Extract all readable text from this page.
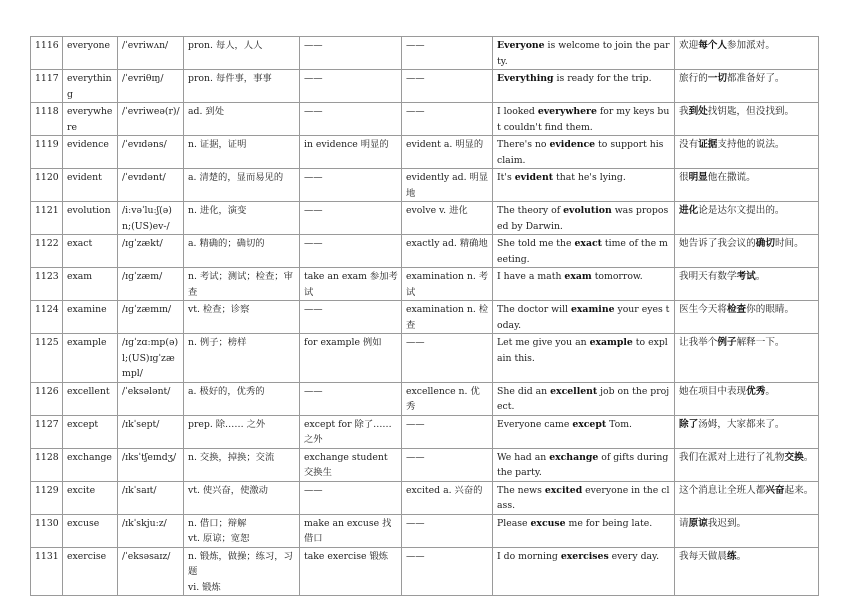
1116	everyone	/ˈevriwʌn/	pron. 每人，人人	——	——	Everyone is welcome to join the party.	欢迎每个人参加派对。
1117	everything	/ˈevriθɪŋ/	pron. 每件事，事事	——	——	Everything is ready for the trip.	旅行的一切都准备好了。
1118	everywhere	/ˈevriweə(r)/	ad. 到处	——	——	I looked everywhere for my keys but couldn't find them.	我到处找钥匙，但没找到。
1119	evidence	/ˈevɪdəns/	n. 证据，证明	in evidence 明显的	evident a. 明显的	There's no evidence to support his claim.	没有证据支持他的说法。
1120	evident	/ˈevɪdənt/	a. 清楚的，显而易见的	——	evidently ad. 明显地	It's evident that he's lying.	很明显他在撒谎。
1121	evolution	/iːvəˈluːʃ(ə)n;(US)ev-/	n. 进化，演变	——	evolve v. 进化	The theory of evolution was proposed by Darwin.	进化论是达尔文提出的。
1122	exact	/ɪɡˈzækt/	a. 精确的；确切的	——	exactly ad. 精确地	She told me the exact time of the meeting.	她告诉了我会议的确切时间。
1123	exam	/ɪɡˈzæm/	n. 考试；测试；检查；审查	take an exam 参加考试	examination n. 考试	I have a math exam tomorrow.	我明天有数学考试。
1124	examine	/ɪɡˈzæmɪn/	vt. 检查；诊察	——	examination n. 检查	The doctor will examine your eyes today.	医生今天将检查你的眼睛。
1125	example	/ɪɡˈzɑːmp(ə)l;(US)ɪɡˈzæmpl/	n. 例子；榜样	for example 例如	——	Let me give you an example to explain this.	让我举个例子解释一下。
1126	excellent	/ˈeksələnt/	a. 极好的，优秀的	——	excellence n. 优秀	She did an excellent job on the project.	她在项目中表现优秀。
1127	except	/ɪkˈsept/	prep. 除…… 之外	except for 除了…… 之外	——	Everyone came except Tom.	除了汤姆，大家都来了。
1128	exchange	/ɪksˈtʃeɪndʒ/	n. 交换，掉换；交流	exchange student 交换生	——	We had an exchange of gifts during the party.	我们在派对上进行了礼物交换。
1129	excite	/ɪkˈsaɪt/	vt. 使兴奋，使激动	——	excited a. 兴奋的	The news excited everyone in the class.	这个消息让全班人都兴奋起来。
1130	excuse	/ɪkˈskjuːz/	n. 借口；辩解
vt. 原谅；宽恕	make an excuse 找借口	——	Please excuse me for being late.	请原谅我迟到。
1131	exercise	/ˈeksəsaɪz/	n. 锻炼，做操；练习，习题
vi. 锻炼	take exercise 锻炼	——	I do morning exercises every day.	我每天做晨练。
